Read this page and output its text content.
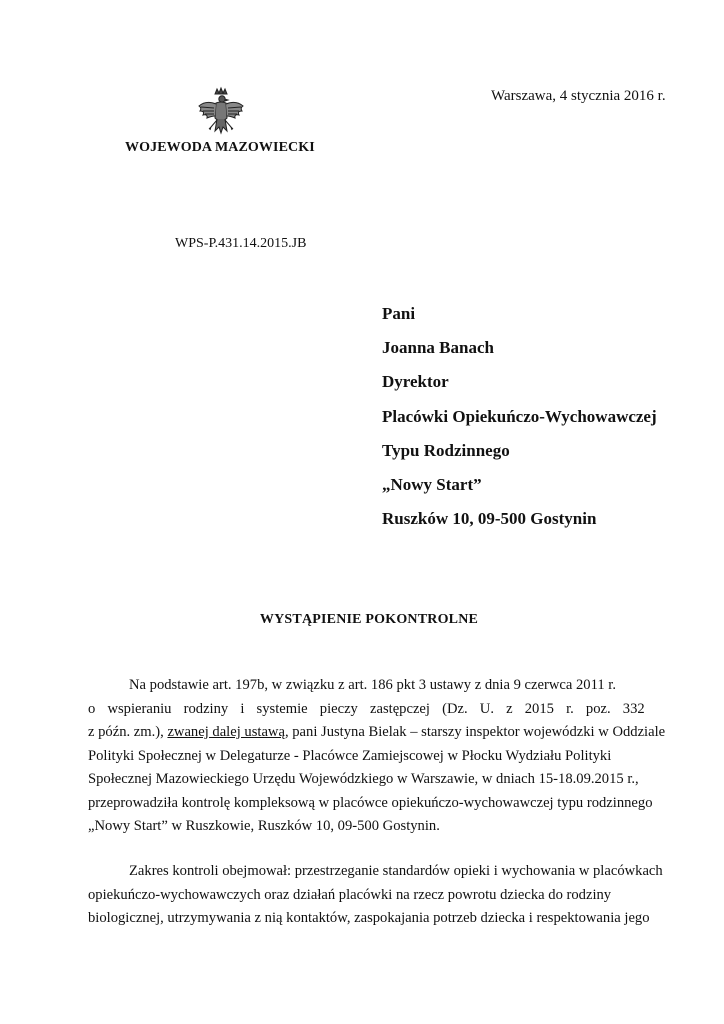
Warszawa, 4 stycznia 2016 r.
WOJEWODA MAZOWIECKI
WPS-P.431.14.2015.JB
Pani
Joanna Banach
Dyrektor
Placówki Opiekuńczo-Wychowawczej
Typu Rodzinnego
„Nowy Start”
Ruszków 10, 09-500 Gostynin
WYSTĄPIENIE POKONTROLNE
Na podstawie art. 197b, w związku z art. 186 pkt 3 ustawy z dnia 9 czerwca 2011 r.
o wspieraniu rodziny i systemie pieczy zastępczej (Dz. U. z 2015 r. poz. 332
z późn. zm.),
zwanej dalej ustawą , pani Justyna Bielak – starszy inspektor wojewódzki w Oddziale
Polityki Społecznej w Delegaturze - Placówce Zamiejscowej w Płocku Wydziału Polityki
Społecznej Mazowieckiego Urzędu Wojewódzkiego w Warszawie, w dniach 15-18.09.2015 r.,
przeprowadziła kontrolę kompleksową w placówce opiekuńczo-wychowawczej typu rodzinnego
„Nowy Start” w Ruszkowie, Ruszków 10, 09-500 Gostynin.
Zakres kontroli obejmował: przestrzeganie standardów opieki i wychowania w placówkach
opiekuńczo-wychowawczych oraz działań placówki na rzecz powrotu dziecka do rodziny
biologicznej, utrzymywania z nią kontaktów, zaspokajania potrzeb dziecka i respektowania jego
